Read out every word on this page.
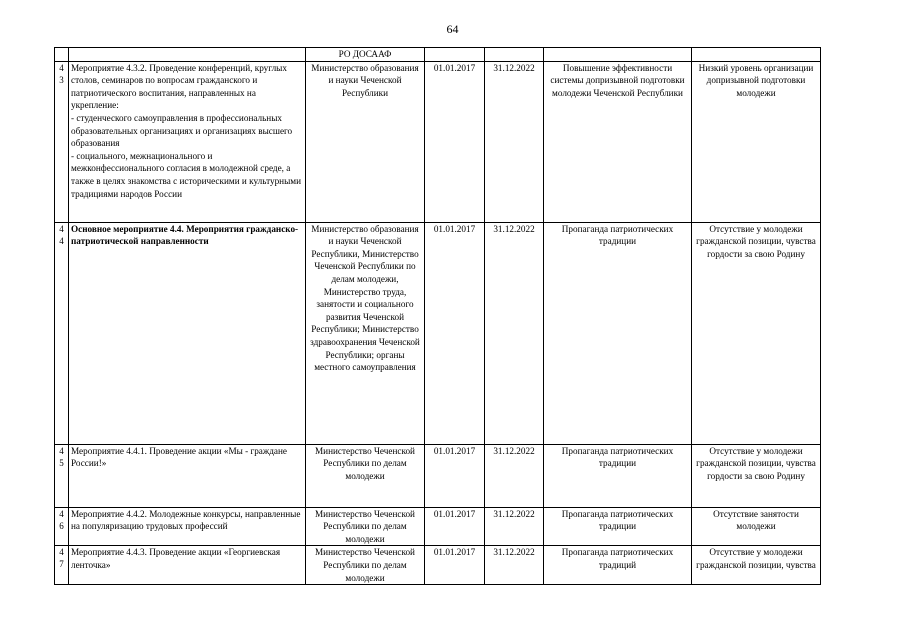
64
		РО ДОСААФ				
4
3	Мероприятие 4.3.2. Проведение конференций, круглых столов, семинаров по вопросам гражданского и патриотического воспитания, направленных на укрепление:
- студенческого самоуправления в профессиональных образовательных организациях и организациях высшего образования
- социального, межнационального и межконфессионального согласия в молодежной среде, а также в целях знакомства с историческими и культурными традициями народов России	Министерство образования и науки Чеченской Республики	01.01.2017	31.12.2022	Повышение эффективности системы допризывной подготовки молодежи Чеченской Республики	Низкий уровень организации допризывной подготовки молодежи
4
4	Основное мероприятие 4.4. Мероприятия гражданско-патриотической направленности	Министерство образования и науки Чеченской Республики, Министерство Чеченской Республики по делам молодежи, Министерство труда, занятости и социального развития Чеченской Республики; Министерство здравоохранения Чеченской Республики; органы местного самоуправления	01.01.2017	31.12.2022	Пропаганда патриотических традиции	Отсутствие у молодежи гражданской позиции, чувства гордости за свою Родину
4
5	Мероприятие 4.4.1. Проведение акции «Мы - граждане России!»	Министерство Чеченской Республики по делам молодежи	01.01.2017	31.12.2022	Пропаганда патриотических традиции	Отсутствие у молодежи гражданской позиции, чувства гордости за свою Родину
4
6	Мероприятие 4.4.2. Молодежные конкурсы, направленные на популяризацию трудовых профессий	Министерство Чеченской Республики по делам молодежи	01.01.2017	31.12.2022	Пропаганда патриотических традиции	Отсутствие занятости молодежи
4
7	Мероприятие 4.4.3. Проведение акции «Георгиевская ленточка»	Министерство Чеченской Республики по делам молодежи	01.01.2017	31.12.2022	Пропаганда патриотических традиций	Отсутствие у молодежи гражданской позиции, чувства
